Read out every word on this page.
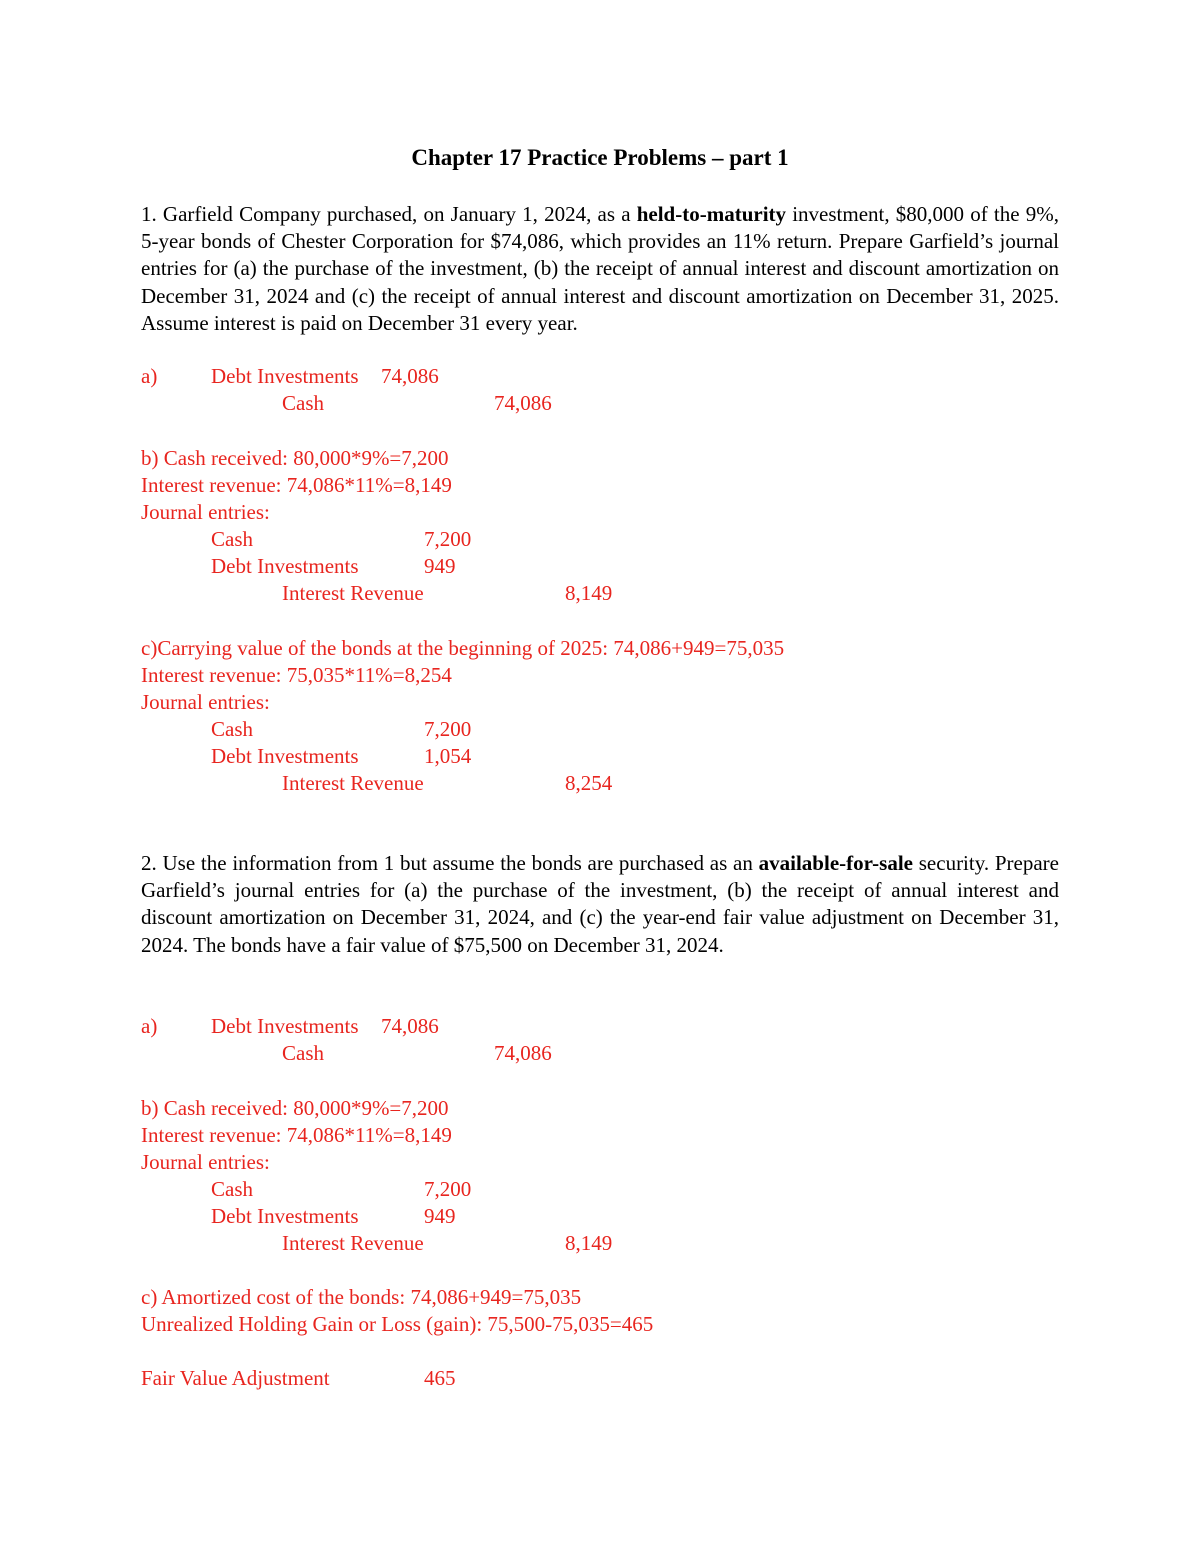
Chapter 17 Practice Problems – part 1
1. Garfield Company purchased, on January 1, 2024, as a held-to-maturity investment, $80,000 of the 9%, 5-year bonds of Chester Corporation for $74,086, which provides an 11% return. Prepare Garfield’s journal entries for (a) the purchase of the investment, (b) the receipt of annual interest and discount amortization on December 31, 2024 and (c) the receipt of annual interest and discount amortization on December 31, 2025. Assume interest is paid on December 31 every year.
a)	Debt Investments 74,086
Cash	74,086
b) Cash received: 80,000*9%=7,200
Interest revenue: 74,086*11%=8,149
Journal entries:
Cash	7,200
Debt Investments	949
Interest Revenue	8,149
c)Carrying value of the bonds at the beginning of 2025: 74,086+949=75,035
Interest revenue: 75,035*11%=8,254
Journal entries:
Cash	7,200
Debt Investments	1,054
Interest Revenue	8,254
2. Use the information from 1 but assume the bonds are purchased as an available-for-sale security. Prepare Garfield’s journal entries for (a) the purchase of the investment, (b) the receipt of annual interest and discount amortization on December 31, 2024, and (c) the year-end fair value adjustment on December 31, 2024. The bonds have a fair value of $75,500 on December 31, 2024.
a)	Debt Investments 74,086
Cash	74,086
b) Cash received: 80,000*9%=7,200
Interest revenue: 74,086*11%=8,149
Journal entries:
Cash	7,200
Debt Investments	949
Interest Revenue	8,149
c) Amortized cost of the bonds: 74,086+949=75,035
Unrealized Holding Gain or Loss (gain): 75,500-75,035=465
Fair Value Adjustment	465
